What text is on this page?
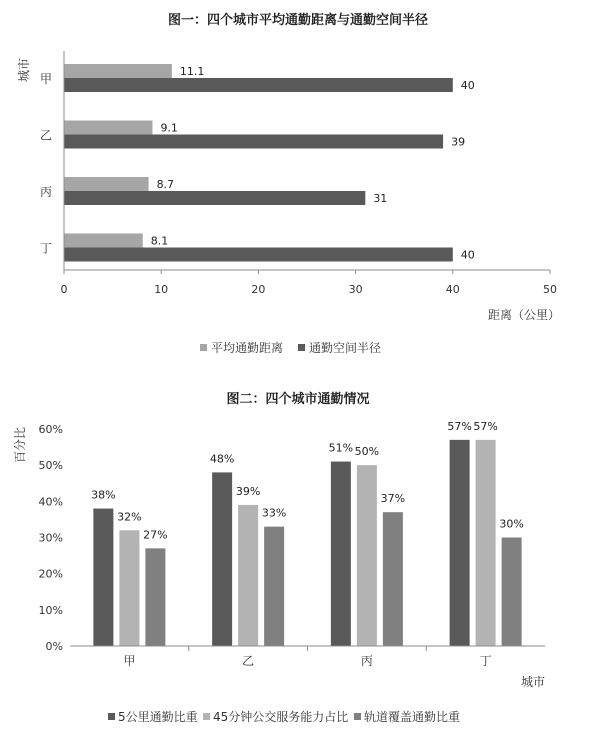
图一：四个城市平均通勤距离与通勤空间半径
城市
距离（公里）
11.1
40
甲
9.1
39
乙
8.7
31
丙
8.1
40
丁
0	10	20	30	40	50
平均通勤距离 通勤空间半径
图二：四个城市通勤情况
百分比
城市
0%
10%
20%
30%
40%
50%
60%
38%
32%
27%
甲
48%
39%
33%
乙
51% 50%
37%
丙
57% 57%
30%
丁
5公里通勤比重 45分钟公交服务能力占比 轨道覆盖通勤比重
